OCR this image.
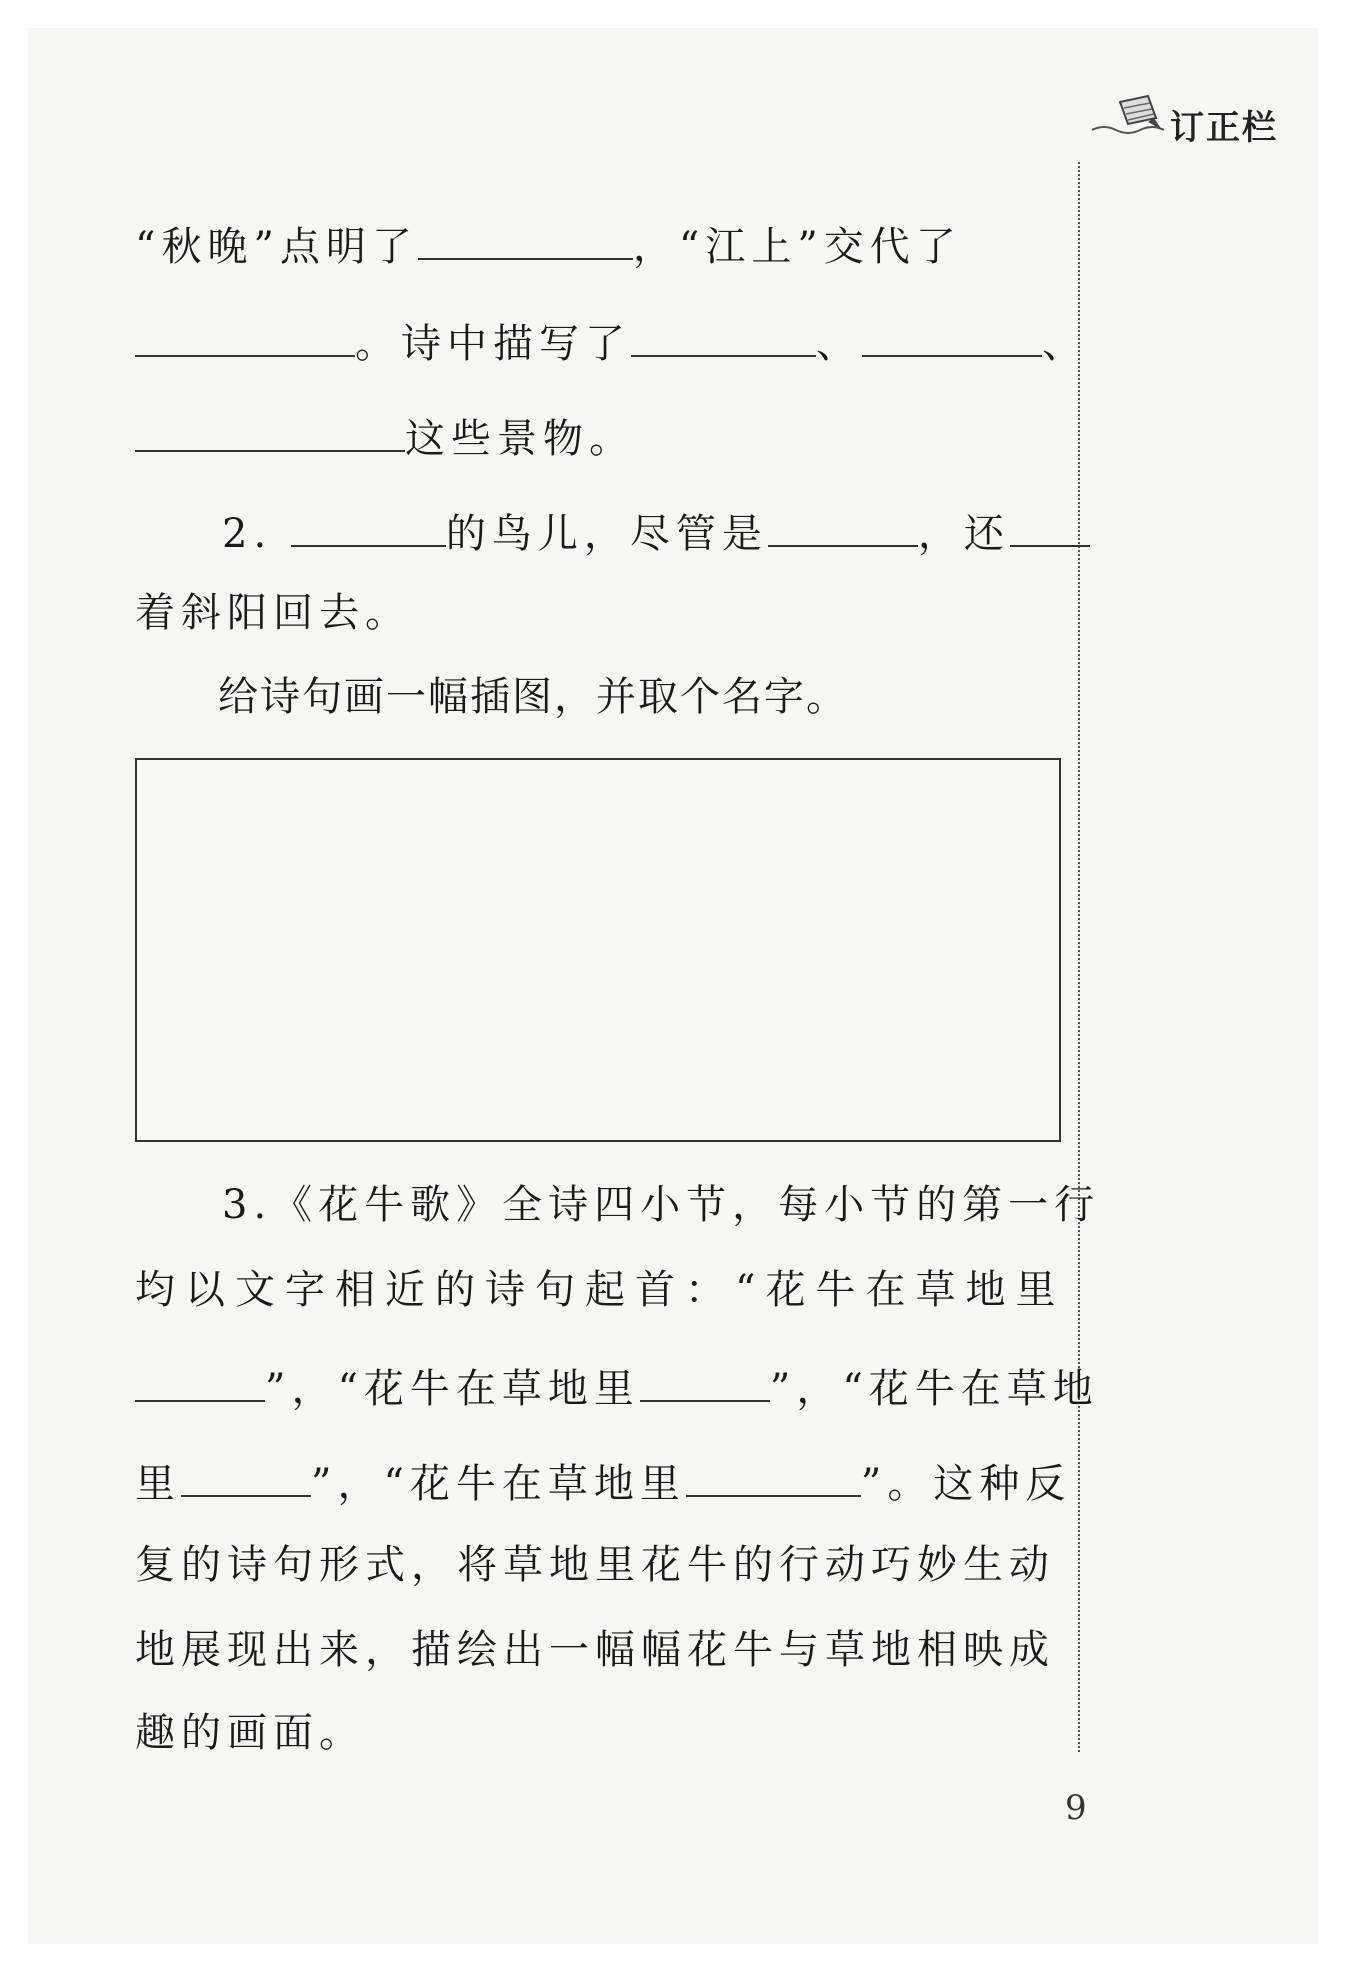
订正栏
“秋晚”点明了	，“江上”交代了
。诗中描写了	、	、
这些景物。
2.	的鸟儿，尽管是	，还
着斜阳回去。
给诗句画一幅插图，并取个名字。
3.《花牛歌》全诗四小节，每小节的第一行
均以文字相近的诗句起首：“花牛在草地里
”，“花牛在草地里	”，“花牛在草地
里	”，“花牛在草地里	”。这种反
复的诗句形式，将草地里花牛的行动巧妙生动
地展现出来，描绘出一幅幅花牛与草地相映成
趣的画面。
9
